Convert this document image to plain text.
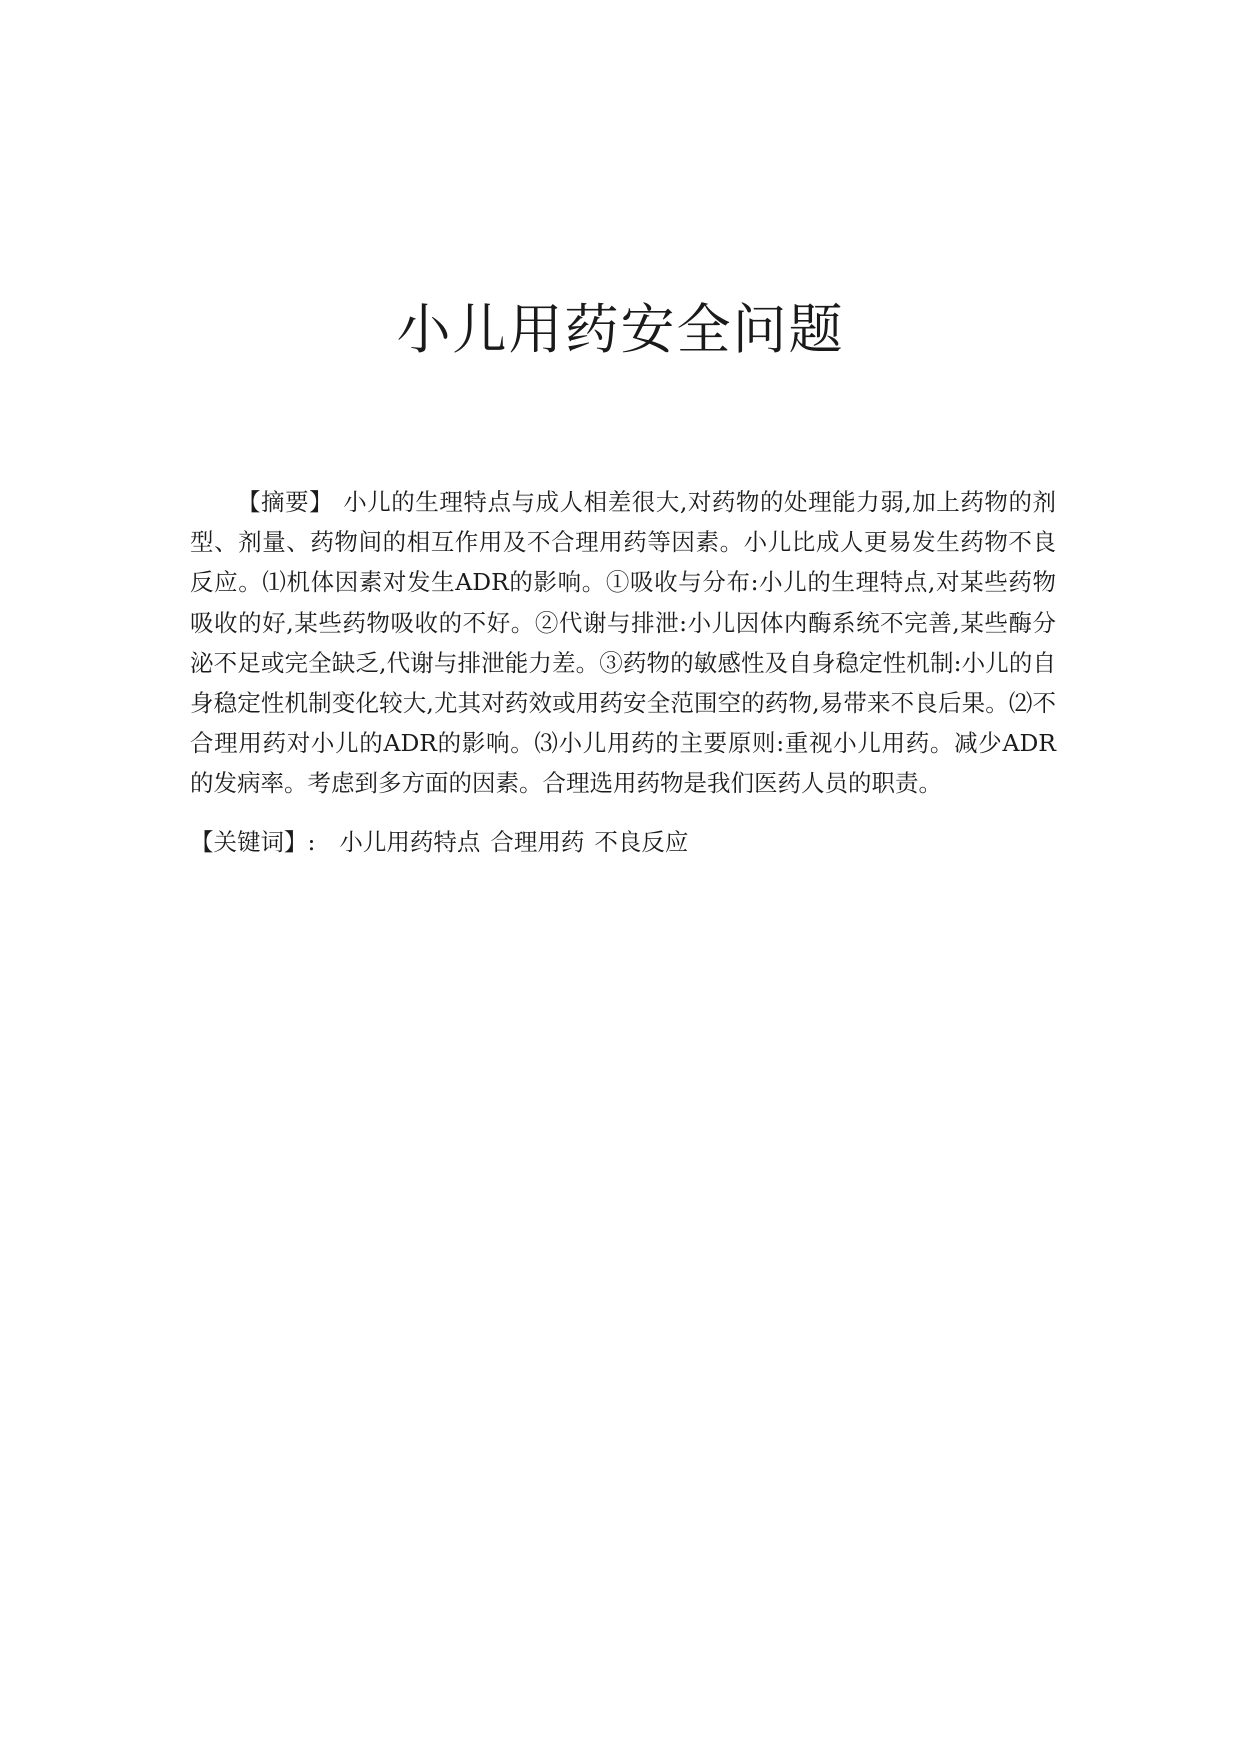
小儿用药安全问题

【摘要】 小儿的生理特点与成人相差很大,对药物的处理能力弱,加上药物的剂型、剂量、药物间的相互作用及不合理用药等因素。小儿比成人更易发生药物不良反应。⑴机体因素对发生ADR的影响。①吸收与分布:小儿的生理特点,对某些药物吸收的好,某些药物吸收的不好。②代谢与排泄:小儿因体内酶系统不完善,某些酶分泌不足或完全缺乏,代谢与排泄能力差。③药物的敏感性及自身稳定性机制:小儿的自身稳定性机制变化较大,尤其对药效或用药安全范围空的药物,易带来不良后果。⑵不合理用药对小儿的ADR的影响。⑶小儿用药的主要原则:重视小儿用药。减少ADR的发病率。考虑到多方面的因素。合理选用药物是我们医药人员的职责。

【关键词】: 小儿用药特点 合理用药 不良反应
